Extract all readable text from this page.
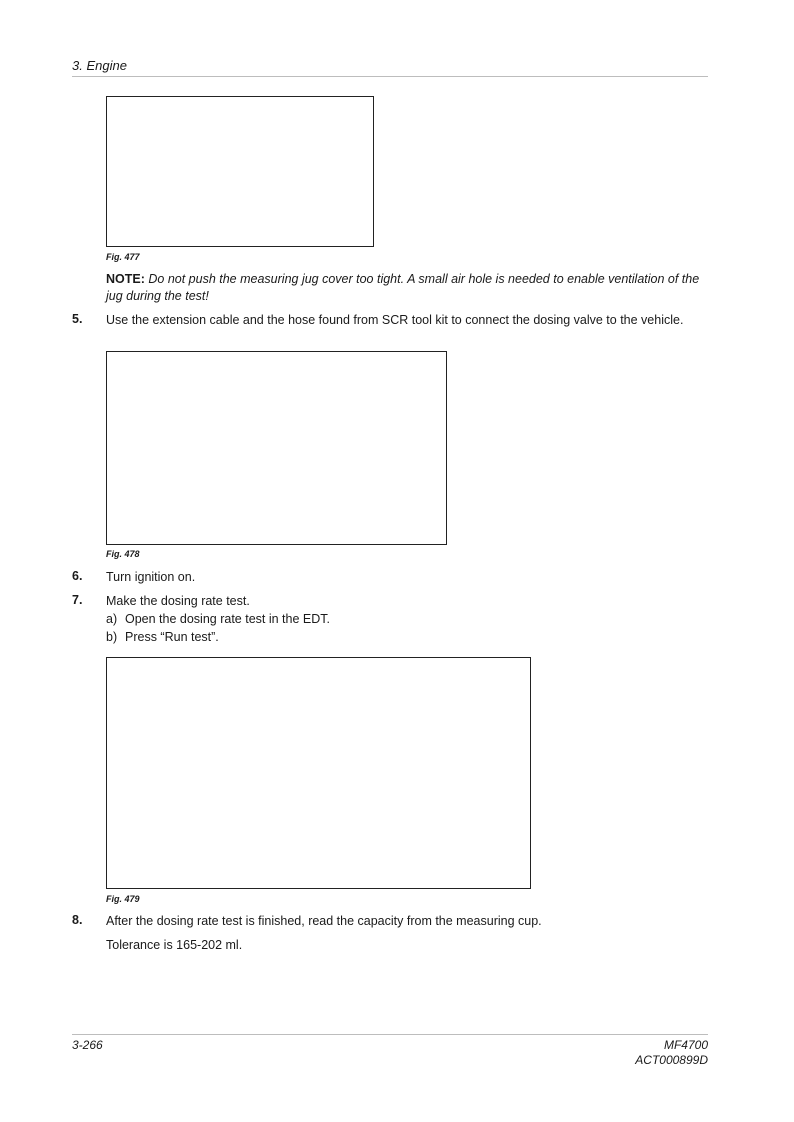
3. Engine
Fig. 477
NOTE: Do not push the measuring jug cover too tight. A small air hole is needed to enable ventilation of the jug during the test!
5. Use the extension cable and the hose found from SCR tool kit to connect the dosing valve to the vehicle.
Fig. 478
6. Turn ignition on.
7. Make the dosing rate test.
a) Open the dosing rate test in the EDT.
b) Press “Run test”.
Fig. 479
8. After the dosing rate test is finished, read the capacity from the measuring cup.
Tolerance is 165-202 ml.
3-266	MF4700
ACT000899D
